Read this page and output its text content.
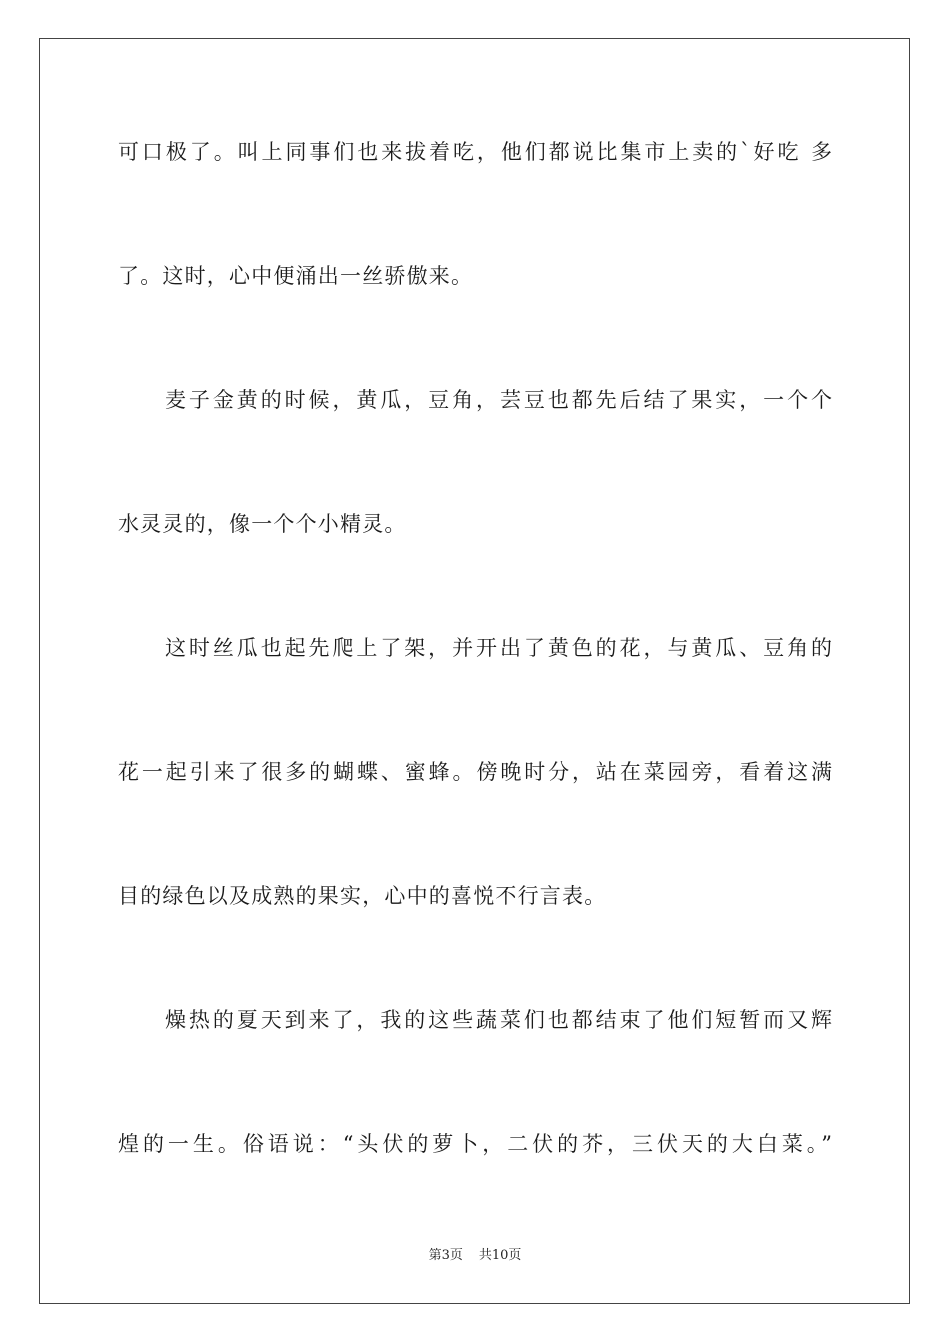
可口极了。叫上同事们也来拔着吃，他们都说比集市上卖的`好吃 多
了。这时，心中便涌出一丝骄傲来。
麦子金黄的时候，黄瓜，豆角，芸豆也都先后结了果实，一个个
水灵灵的，像一个个小精灵。
这时丝瓜也起先爬上了架，并开出了黄色的花，与黄瓜、豆角的
花一起引来了很多的蝴蝶、蜜蜂。傍晚时分，站在菜园旁，看着这满
目的绿色以及成熟的果实，心中的喜悦不行言表。
燥热的夏天到来了，我的这些蔬菜们也都结束了他们短暂而又辉
煌的一生。俗语说：“头伏的萝卜，二伏的芥，三伏天的大白菜。”
第3页 共10页
